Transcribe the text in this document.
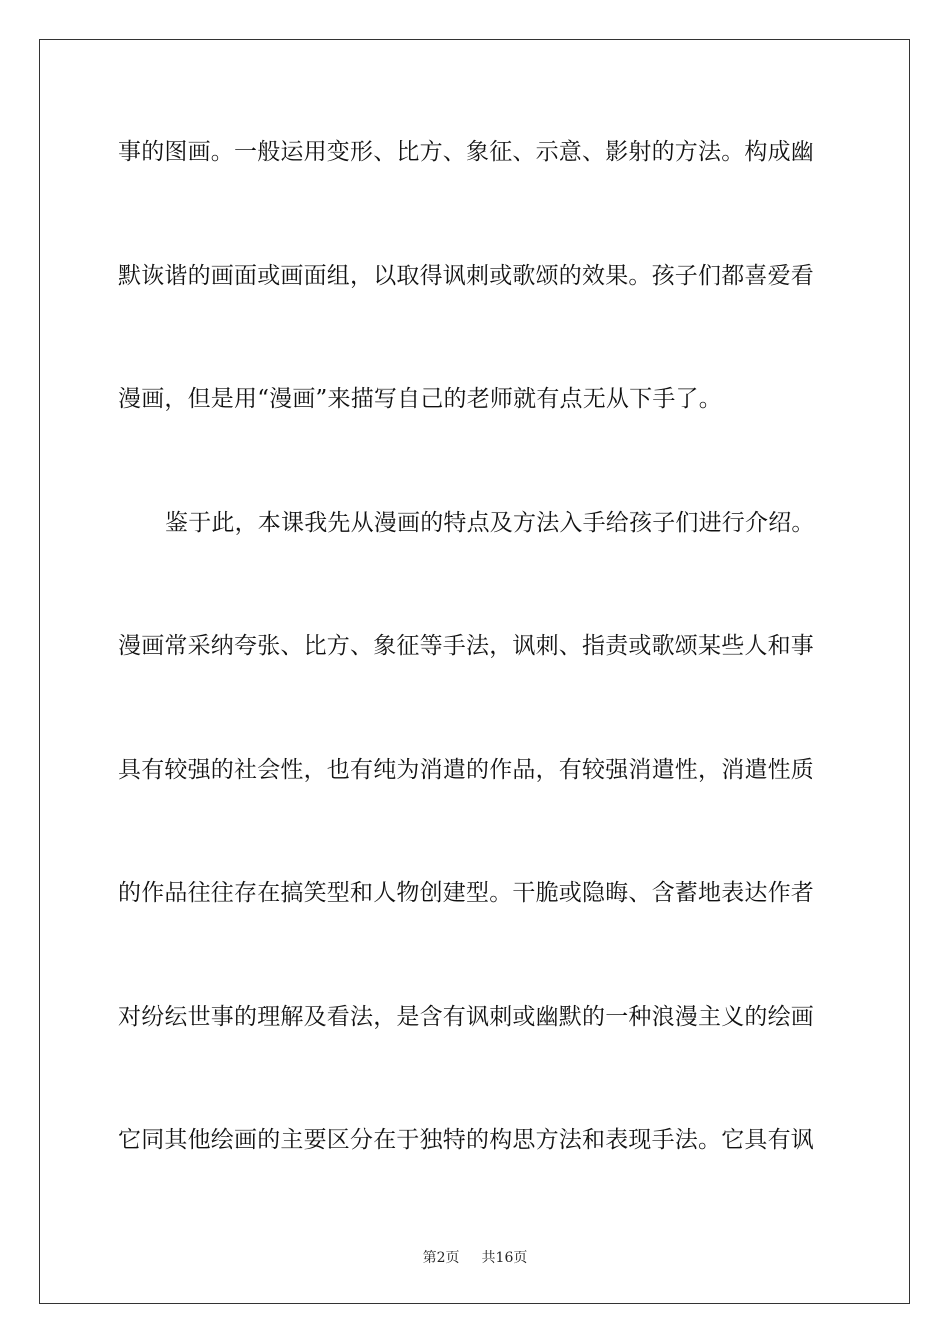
事的图画。一般运用变形、比方、象征、示意、影射的方法。构成幽
默诙谐的画面或画面组，以取得讽刺或歌颂的效果。孩子们都喜爱看
漫画，但是用“漫画”来描写自己的老师就有点无从下手了。
鉴于此，本课我先从漫画的特点及方法入手给孩子们进行介绍。
漫画常采纳夸张、比方、象征等手法，讽刺、指责或歌颂某些人和事
具有较强的社会性，也有纯为消遣的作品，有较强消遣性，消遣性质
的作品往往存在搞笑型和人物创建型。干脆或隐晦、含蓄地表达作者
对纷纭世事的理解及看法，是含有讽刺或幽默的一种浪漫主义的绘画
它同其他绘画的主要区分在于独特的构思方法和表现手法。它具有讽
第2页 共16页
